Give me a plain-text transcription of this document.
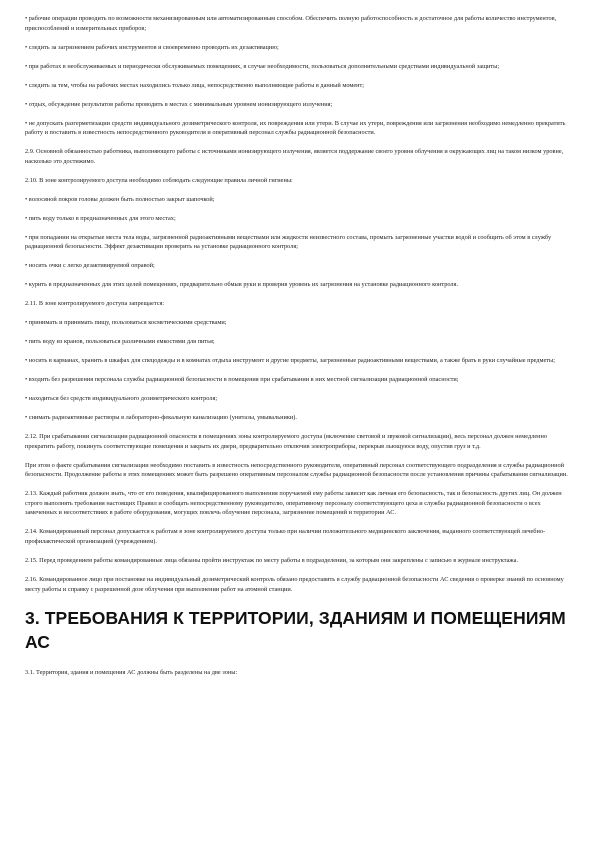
• рабочие операции проводить по возможности механизированным или автоматизированным способом. Обеспечить полную работоспособность и достаточное для работы количество инструментов, приспособлений и измерительных приборов;

• следить за загрязнением рабочих инструментов и своевременно проводить их дезактивацию;

• при работах в необслуживаемых и периодически обслуживаемых помещениях, в случае необходимости, пользоваться дополнительными средствами индивидуальной защиты;

• следить за тем, чтобы на рабочих местах находились только лица, непосредственно выполняющие работы в данный момент;

• отдых, обсуждение результатов работы проводить в местах с минимальным уровнем ионизирующего излучения;

• не допускать разгерметизации средств индивидуального дозиметрического контроля, их повреждения или утери. В случае их утери, повреждения или загрязнения необходимо немедленно прекратить работу и поставить в известность непосредственного руководителя и оперативный персонал службы радиационной безопасности.

2.9. Основной обязанностью работника, выполняющего работы с источниками ионизирующего излучения, является поддержание своего уровня облучения и окружающих лиц на таком низком уровне, насколько это достижимо.

2.10. В зоне контролируемого доступа необходимо соблюдать следующие правила личной гигиены:

• волосяной покров головы должен быть полностью закрыт шапочкой;

• пить воду только в предназначенных для этого местах;

• при попадании на открытые места тела воды, загрязненной радиоактивными веществами или жидкости неизвестного состава, промыть загрязненные участки водой и сообщить об этом в службу радиационной безопасности. Эффект дезактивации проверить на установке радиационного контроля;

• носить очки с легко дезактивируемой оправой;

• курить в предназначенных для этих целей помещениях, предварительно обмыв руки и проверив уровень их загрязнения на установке радиационного контроля.

2.11. В зоне контролируемого доступа запрещается:

• принимать и принимать пищу, пользоваться косметическими средствами;

• пить воду из кранов, пользоваться различными емкостями для питья;

• носить в карманах, хранить в шкафах для спецодежды и в комнатах отдыха инструмент и другие предметы, загрязненные радиоактивными веществами, а также брать в руки случайные предметы;

• входить без разрешения персонала службы радиационной безопасности в помещения при срабатывании в них местной сигнализации радиационной опасности;

• находиться без средств индивидуального дозиметрического контроля;

• снимать радиоактивные растворы в лабораторно-фекальную канализацию (унитазы, умывальники).

2.12. При срабатывании сигнализации радиационной опасности в помещениях зоны контролируемого доступа (включение световой и звуковой сигнализации), весь персонал должен немедленно прекратить работу, покинуть соответствующие помещения и закрыть их двери, предварительно отключив электроприборы, перекрыв льющуюся воду, опустив груз и т.д.

При этом о факте срабатывания сигнализации необходимо поставить в известность непосредственного руководителя, оперативный персонал соответствующего подразделения и службы радиационной безопасности. Продолжение работы в этих помещениях может быть разрешено оперативным персоналом службы радиационной безопасности после установления причины срабатывания сигнализации.

2.13. Каждый работник должен знать, что от его поведения, квалифицированного выполнения поручаемой ему работы зависит как личная его безопасность, так и безопасность других лиц. Он должен строго выполнять требования настоящих Правил и сообщать непосредственному руководителю, оперативному персоналу соответствующего цеха и службы радиационной безопасности о всех замеченных и несоответствиях в работе оборудования, могущих повлечь облучение персонала, загрязнение помещений и территории АС.

2.14. Командированный персонал допускается к работам в зоне контролируемого доступа только при наличии положительного медицинского заключения, выданного соответствующей лечебно-профилактической организацией (учреждением).

2.15. Перед проведением работы командированные лица обязаны пройти инструктаж по месту работы в подразделении, за которым они закреплены с записью в журнале инструктажа.

2.16. Командированное лицо при постановке на индивидуальный дозиметрический контроль обязано предоставить в службу радиационной безопасности АС сведения о проверке знаний по основному месту работы и справку с разрешенной дозе облучения при выполнении работ на атомной станции.

3. ТРЕБОВАНИЯ К ТЕРРИТОРИИ, ЗДАНИЯМ И ПОМЕЩЕНИЯМ АС

3.1. Территория, здания и помещения АС должны быть разделены на две зоны:
